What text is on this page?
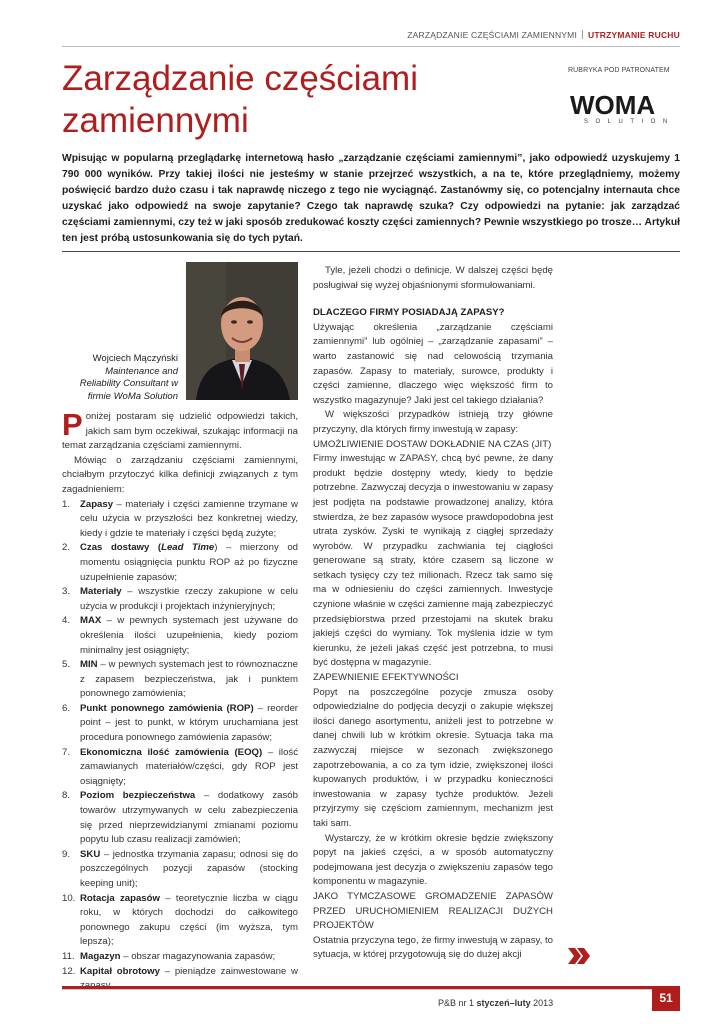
ZARZĄDZANIE CZĘŚCIAMI ZAMIENNYMI UTRZYMANIE RUCHU
Zarządzanie częściami zamiennymi
RUBRYKA POD PATRONATEM
WOMA
SOLUTION

Wpisując w popularną przeglądarkę internetową hasło „zarządzanie częściami zamiennymi”, jako odpowiedź uzyskujemy 1 790 000 wyników. Przy takiej ilości nie jesteśmy w stanie przejrzeć wszystkich, a na te, które przeglądniemy, możemy poświęcić bardzo dużo czasu i tak naprawdę niczego z tego nie wyciągnąć. Zastanówmy się, co potencjalny internauta chce uzyskać jako odpowiedź na swoje zapytanie? Czego tak naprawdę szuka? Czy odpowiedzi na pytanie: jak zarządzać częściami zamiennymi, czy też w jaki sposób zredukować koszty części zamiennych? Pewnie wszystkiego po trosze… Artykuł ten jest próbą ustosunkowania się do tych pytań.

Wojciech Mączyński
Maintenance and Reliability Consultant w firmie WoMa Solution

Poniżej postaram się udzielić odpowiedzi takich, jakich sam bym oczekiwał, szukając informacji na temat zarządzania częściami zamiennymi.

Mówiąc o zarządzaniu częściami zamiennymi, chciałbym przytoczyć kilka definicji związanych z tym zagadnieniem:

1. Zapasy – materiały i części zamienne trzymane w celu użycia w przyszłości bez konkretnej wiedzy, kiedy i gdzie te materiały i części będą zużyte;
2. Czas dostawy (Lead Time) – mierzony od momentu osiągnięcia punktu ROP aż po fizyczne uzupełnienie zapasów;
3. Materiały – wszystkie rzeczy zakupione w celu użycia w produkcji i projektach inżynieryjnych;
4. MAX – w pewnych systemach jest używane do określenia ilości uzupełnienia, kiedy poziom minimalny jest osiągnięty;
5. MIN – w pewnych systemach jest to równoznaczne z zapasem bezpieczeństwa, jak i punktem ponownego zamówienia;
6. Punkt ponownego zamówienia (ROP) – reorder point – jest to punkt, w którym uruchamiana jest procedura ponownego zamówienia zapasów;
7. Ekonomiczna ilość zamówienia (EOQ) – ilość zamawianych materiałów/części, gdy ROP jest osiągnięty;
8. Poziom bezpieczeństwa – dodatkowy zasób towarów utrzymywanych w celu zabezpieczenia się przed nieprzewidzianymi zmianami poziomu popytu lub czasu realizacji zamówień;
9. SKU – jednostka trzymania zapasu; odnosi się do poszczególnych pozycji zapasów (stocking keeping unit);
10. Rotacja zapasów – teoretycznie liczba w ciągu roku, w których dochodzi do całkowitego ponownego zakupu części (im wyższa, tym lepsza);
11. Magazyn – obszar magazynowania zapasów;
12. Kapitał obrotowy – pieniądze zainwestowane w

Tyle, jeżeli chodzi o definicje. W dalszej części będę posługiwał się wyżej objaśnionymi sformułowaniami.

DLACZEGO FIRMY POSIADAJĄ ZAPASY?

Używając określenia „zarządzanie częściami zamiennymi” lub ogólniej – „zarządzanie zapasami” – warto zastanowić się nad celowością trzymania zapasów. Zapasy to materiały, surowce, produkty i części zamienne, dlaczego więc większość firm to wszystko magazynuje? Jaki jest cel takiego działania?

W większości przypadków istnieją trzy główne przyczyny, dla których firmy inwestują w zapasy:

UMOŻLIWIENIE DOSTAW DOKŁADNIE NA CZAS (JIT)

Firmy inwestując w ZAPASY, chcą być pewne, że dany produkt będzie dostępny wtedy, kiedy to będzie potrzebne. Zazwyczaj decyzja o inwestowaniu w zapasy jest podjęta na podstawie prowadzonej analizy, która stwierdza, że bez zapasów wysoce prawdopodobna jest utrata zysków. Zyski te wynikają z ciągłej sprzedaży wyrobów. W przypadku zachwiania tej ciągłości generowane są straty, które czasem są liczone w setkach tysięcy czy też milionach. Rzecz tak samo się ma w odniesieniu do części zamiennych. Inwestycje czynione właśnie w części zamienne mają zabezpieczyć przedsiębiorstwa przed przestojami na skutek braku jakiejś części do wymiany. Tok myślenia idzie w tym kierunku, że jeżeli jakaś część jest potrzebna, to musi być dostępna w magazynie.

ZAPEWNIENIE EFEKTYWNOŚCI

Popyt na poszczególne pozycje zmusza osoby odpowiedzialne do podjęcia decyzji o zakupie większej ilości danego asortymentu, aniżeli jest to potrzebne w danej chwili lub w krótkim okresie. Sytuacja taka ma zazwyczaj miejsce w sezonach zwiększonego zapotrzebowania, a co za tym idzie, zwiększonej ilości kupowanych produktów, i w przypadku konieczności inwestowania w zapasy tychże produktów. Jeżeli przyjrzymy się częściom zamiennym, mechanizm jest taki sam.

Wystarczy, że w krótkim okresie będzie zwiększony popyt na jakieś części, a w sposób automatyczny podejmowana jest decyzja o zwiększeniu zapasów tego komponentu w magazynie.

JAKO TYMCZASOWE GROMADZENIE ZAPASÓW PRZED URUCHOMIENIEM REALIZACJI DUŻYCH PROJEKTÓW

Ostatnia przyczyna tego, że firmy inwestują w zapasy, to sytuacja, w której przygotowują się do dużej akcji

P&B nr 1 styczeń–luty 2013	51
